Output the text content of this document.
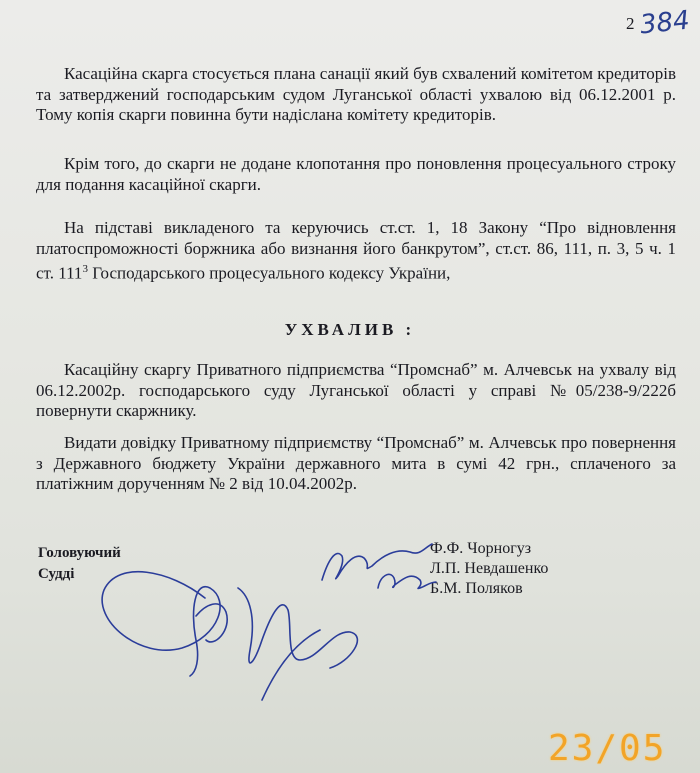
2 384

Касаційна скарга стосується плана санації який був схвалений комітетом кредиторів та затверджений господарським судом Луганської області ухвалою від 06.12.2001 р. Тому копія скарги повинна бути надіслана комітету кредиторів.

Крім того, до скарги не додане клопотання про поновлення процесуального строку для подання касаційної скарги.

На підставі викладеного та керуючись ст.ст. 1, 18 Закону “Про відновлення платоспроможності боржника або визнання його банкрутом”, ст.ст. 86, 111, п. 3, 5 ч. 1 ст. $111^3$ Господарського процесуального кодексу України,

УХВАЛИВ :

Касаційну скаргу Приватного підприємства “Промснаб” м. Алчевськ на ухвалу від 06.12.2002р. господарського суду Луганської області у справі №05/238-9/222б повернути скаржнику.

Видати довідку Приватному підприємству “Промснаб” м. Алчевськ про повернення з Державного бюджету України державного мита в сумі 42 грн., сплаченого за платіжним дорученням № 2 від 10.04.2002р.

Головуючий
Судді
Ф.Ф. Чорногуз
Л.П. Невдашенко
Б.М. Поляков
23/05
